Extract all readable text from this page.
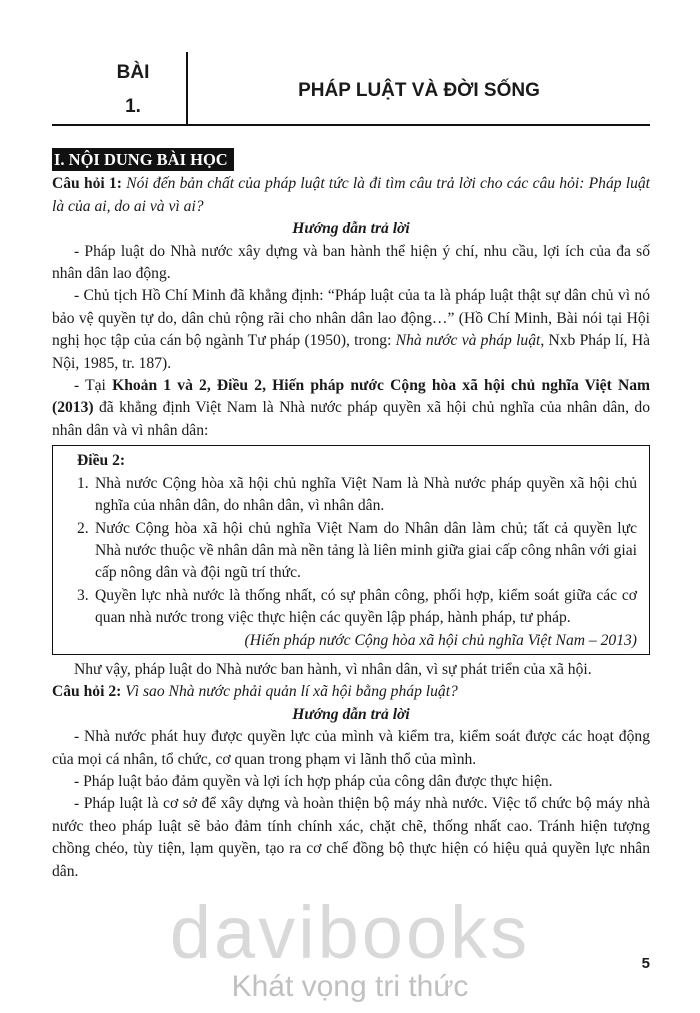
BÀI
1.
PHÁP LUẬT VÀ ĐỜI SỐNG
I. NỘI DUNG BÀI HỌC

Câu hỏi 1: Nói đến bản chất của pháp luật tức là đi tìm câu trả lời cho các câu hỏi: Pháp luật là của ai, do ai và vì ai?

Hướng dẫn trả lời

- Pháp luật do Nhà nước xây dựng và ban hành thể hiện ý chí, nhu cầu, lợi ích của đa số nhân dân lao động.

- Chủ tịch Hồ Chí Minh đã khẳng định: “Pháp luật của ta là pháp luật thật sự dân chủ vì nó bảo vệ quyền tự do, dân chủ rộng rãi cho nhân dân lao động…” (Hồ Chí Minh, Bài nói tại Hội nghị học tập của cán bộ ngành Tư pháp (1950), trong: Nhà nước và pháp luật, Nxb Pháp lí, Hà Nội, 1985, tr. 187).

- Tại Khoản 1 và 2, Điều 2, Hiến pháp nước Cộng hòa xã hội chủ nghĩa Việt Nam (2013) đã khẳng định Việt Nam là Nhà nước pháp quyền xã hội chủ nghĩa của nhân dân, do nhân dân và vì nhân dân:

Điều 2:
1. Nhà nước Cộng hòa xã hội chủ nghĩa Việt Nam là Nhà nước pháp quyền xã hội chủ nghĩa của nhân dân, do nhân dân, vì nhân dân.
2. Nước Cộng hòa xã hội chủ nghĩa Việt Nam do Nhân dân làm chủ; tất cả quyền lực Nhà nước thuộc về nhân dân mà nền tảng là liên minh giữa giai cấp công nhân với giai cấp nông dân và đội ngũ trí thức.
3. Quyền lực nhà nước là thống nhất, có sự phân công, phối hợp, kiểm soát giữa các cơ quan nhà nước trong việc thực hiện các quyền lập pháp, hành pháp, tư pháp.
(Hiến pháp nước Cộng hòa xã hội chủ nghĩa Việt Nam – 2013)

Như vậy, pháp luật do Nhà nước ban hành, vì nhân dân, vì sự phát triển của xã hội.

Câu hỏi 2: Vì sao Nhà nước phải quản lí xã hội bằng pháp luật?

Hướng dẫn trả lời

- Nhà nước phát huy được quyền lực của mình và kiểm tra, kiểm soát được các hoạt động của mọi cá nhân, tổ chức, cơ quan trong phạm vi lãnh thổ của mình.

- Pháp luật bảo đảm quyền và lợi ích hợp pháp của công dân được thực hiện.

- Pháp luật là cơ sở để xây dựng và hoàn thiện bộ máy nhà nước. Việc tổ chức bộ máy nhà nước theo pháp luật sẽ bảo đảm tính chính xác, chặt chẽ, thống nhất cao. Tránh hiện tượng chồng chéo, tùy tiện, lạm quyền, tạo ra cơ chế đồng bộ thực hiện có hiệu quả quyền lực nhân dân.

davibooks
Khát vọng tri thức
5
